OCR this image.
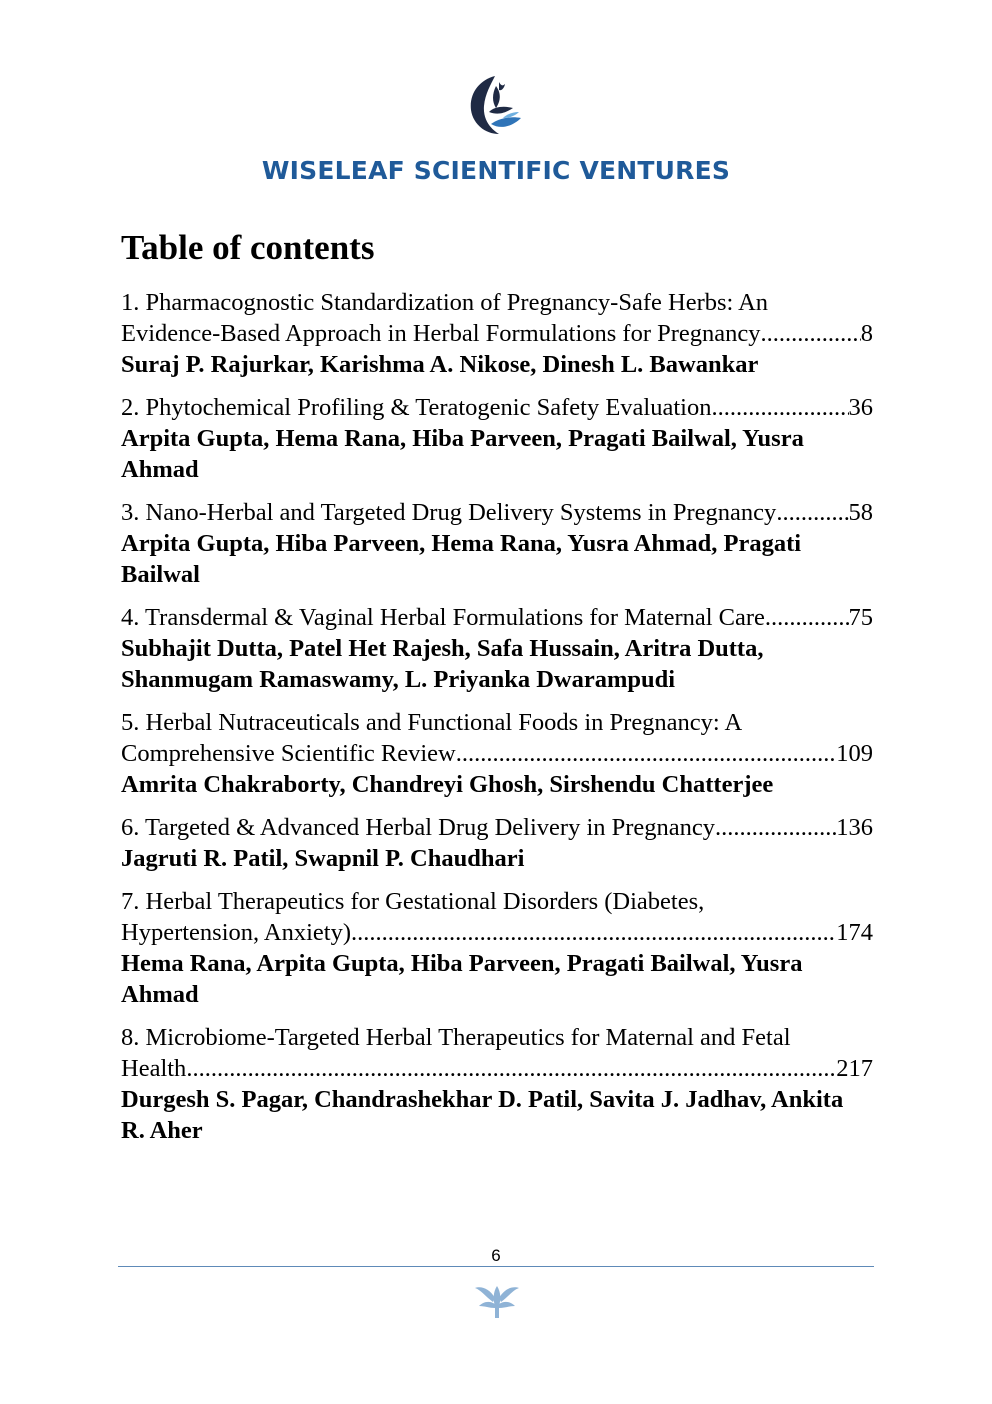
WISELEAF SCIENTIFIC VENTURES
Table of contents
1. Pharmacognostic Standardization of Pregnancy-Safe Herbs: An
Evidence-Based Approach in Herbal Formulations for Pregnancy .....	8
Suraj P. Rajurkar, Karishma A. Nikose, Dinesh L. Bawankar
2. Phytochemical Profiling & Teratogenic Safety Evaluation .....	36
Arpita Gupta, Hema Rana, Hiba Parveen, Pragati Bailwal, Yusra Ahmad
3. Nano-Herbal and Targeted Drug Delivery Systems in Pregnancy .....	58
Arpita Gupta, Hiba Parveen, Hema Rana, Yusra Ahmad, Pragati Bailwal
4. Transdermal & Vaginal Herbal Formulations for Maternal Care .....	75
Subhajit Dutta, Patel Het Rajesh, Safa Hussain, Aritra Dutta, Shanmugam Ramaswamy, L. Priyanka Dwarampudi
5. Herbal Nutraceuticals and Functional Foods in Pregnancy: A
Comprehensive Scientific Review .....	109
Amrita Chakraborty, Chandreyi Ghosh, Sirshendu Chatterjee
6. Targeted & Advanced Herbal Drug Delivery in Pregnancy .....	136
Jagruti R. Patil, Swapnil P. Chaudhari
7. Herbal Therapeutics for Gestational Disorders (Diabetes,
Hypertension, Anxiety) .....	174
Hema Rana, Arpita Gupta, Hiba Parveen, Pragati Bailwal, Yusra Ahmad
8. Microbiome-Targeted Herbal Therapeutics for Maternal and Fetal
Health .....	217
Durgesh S. Pagar, Chandrashekhar D. Patil, Savita J. Jadhav, Ankita R. Aher
6
